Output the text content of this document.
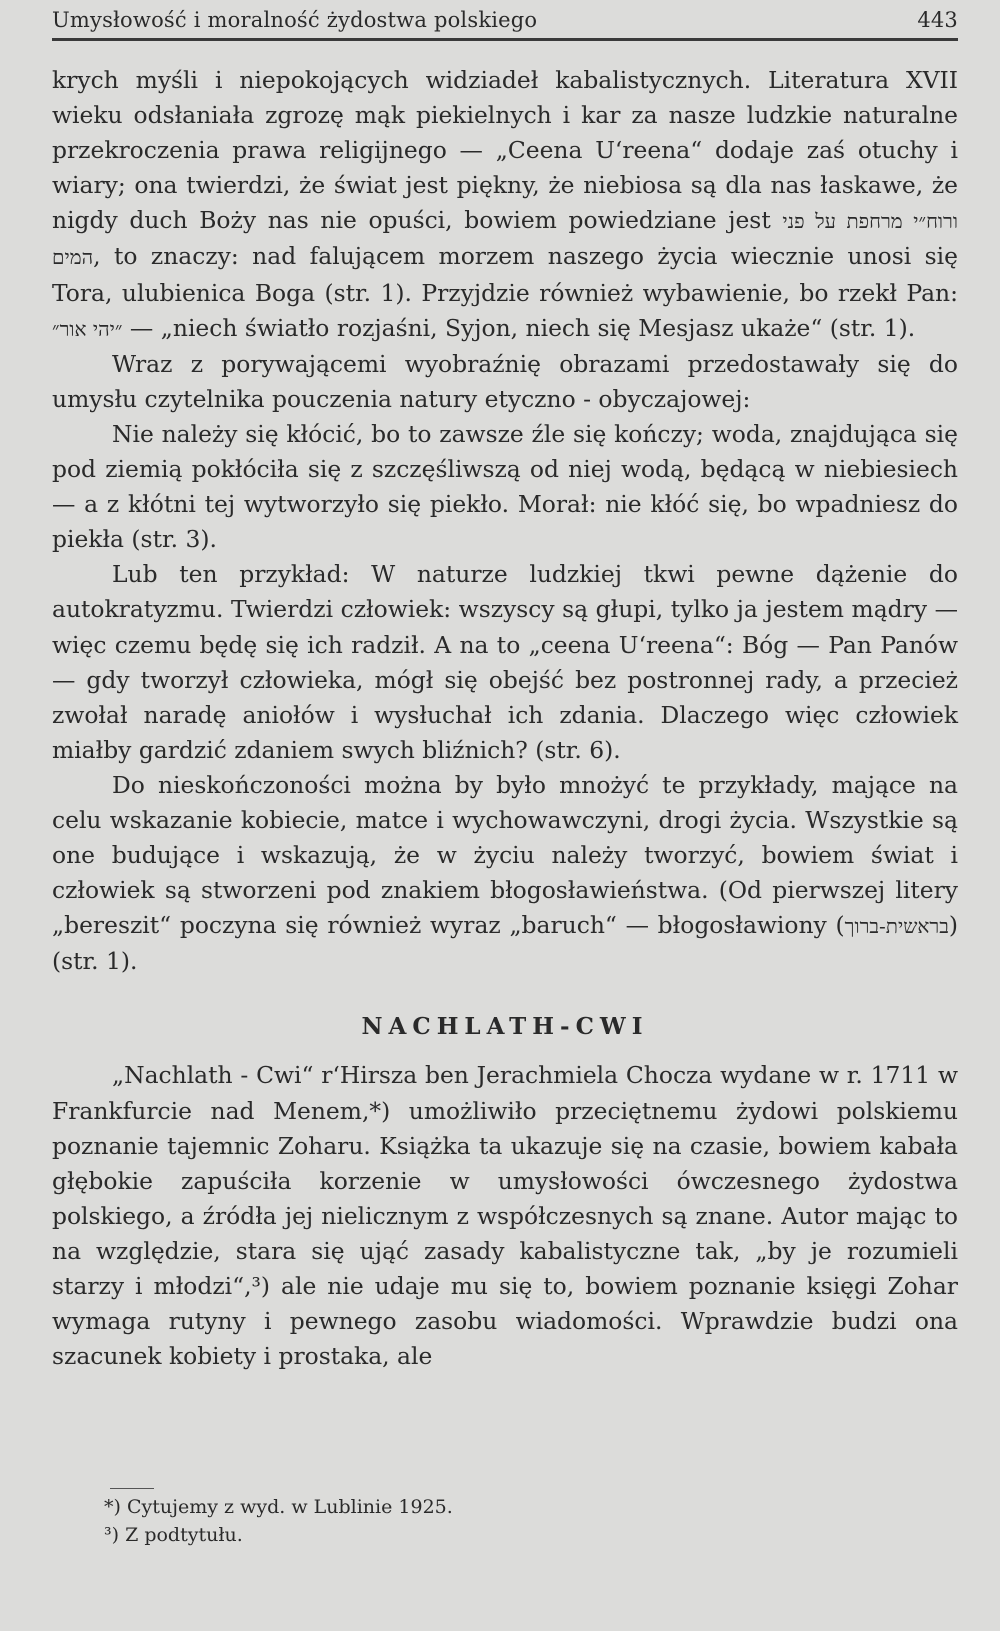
Umysłowość i moralność żydostwa polskiego	443

krych myśli i niepokojących widziadeł kabalistycznych. Literatura XVII wieku odsłaniała zgrozę mąk piekielnych i kar za nasze ludzkie naturalne przekroczenia prawa religijnego — „Ceena U‘reena“ dodaje zaś otuchy i wiary; ona twierdzi, że świat jest piękny, że niebiosa są dla nas łaskawe, że nigdy duch Boży nas nie opuści, bowiem powiedziane jest ורוח״י מרחפת על פני המים, to znaczy: nad falującem morzem naszego życia wiecznie unosi się Tora, ulubienica Boga (str. 1). Przyjdzie również wybawienie, bo rzekł Pan: ״יהי אור״ — „niech światło rozjaśni, Syjon, niech się Mesjasz ukaże“ (str. 1).

Wraz z porywającemi wyobraźnię obrazami przedostawały się do umysłu czytelnika pouczenia natury etyczno - obyczajowej:

Nie należy się kłócić, bo to zawsze źle się kończy; woda, znajdująca się pod ziemią pokłóciła się z szczęśliwszą od niej wodą, będącą w niebiesiech — a z kłótni tej wytworzyło się piekło. Morał: nie kłóć się, bo wpadniesz do piekła (str. 3).

Lub ten przykład: W naturze ludzkiej tkwi pewne dążenie do autokratyzmu. Twierdzi człowiek: wszyscy są głupi, tylko ja jestem mądry — więc czemu będę się ich radził. A na to „ceena U‘reena“: Bóg — Pan Panów — gdy tworzył człowieka, mógł się obejść bez postronnej rady, a przecież zwołał naradę aniołów i wysłuchał ich zdania. Dlaczego więc człowiek miałby gardzić zdaniem swych bliźnich? (str. 6).

Do nieskończoności można by było mnożyć te przykłady, mające na celu wskazanie kobiecie, matce i wychowawczyni, drogi życia. Wszystkie są one budujące i wskazują, że w życiu należy tworzyć, bowiem świat i człowiek są stworzeni pod znakiem błogosławieństwa. (Od pierwszej litery „bereszit“ poczyna się również wyraz „baruch“ — błogosławiony (בראשית-ברוך) (str. 1).

NACHLATH-CWI

„Nachlath - Cwi“ r‘Hirsza ben Jerachmiela Chocza wydane w r. 1711 w Frankfurcie nad Menem,*) umożliwiło przeciętnemu żydowi polskiemu poznanie tajemnic Zoharu. Książka ta ukazuje się na czasie, bowiem kabała głębokie zapuściła korzenie w umysłowości ówczesnego żydostwa polskiego, a źródła jej nielicznym z współczesnych są znane. Autor mając to na względzie, stara się ująć zasady kabalistyczne tak, „by je rozumieli starzy i młodzi“,³) ale nie udaje mu się to, bowiem poznanie księgi Zohar wymaga rutyny i pewnego zasobu wiadomości. Wprawdzie budzi ona szacunek kobiety i prostaka, ale

*) Cytujemy z wyd. w Lublinie 1925.
³) Z podtytułu.
